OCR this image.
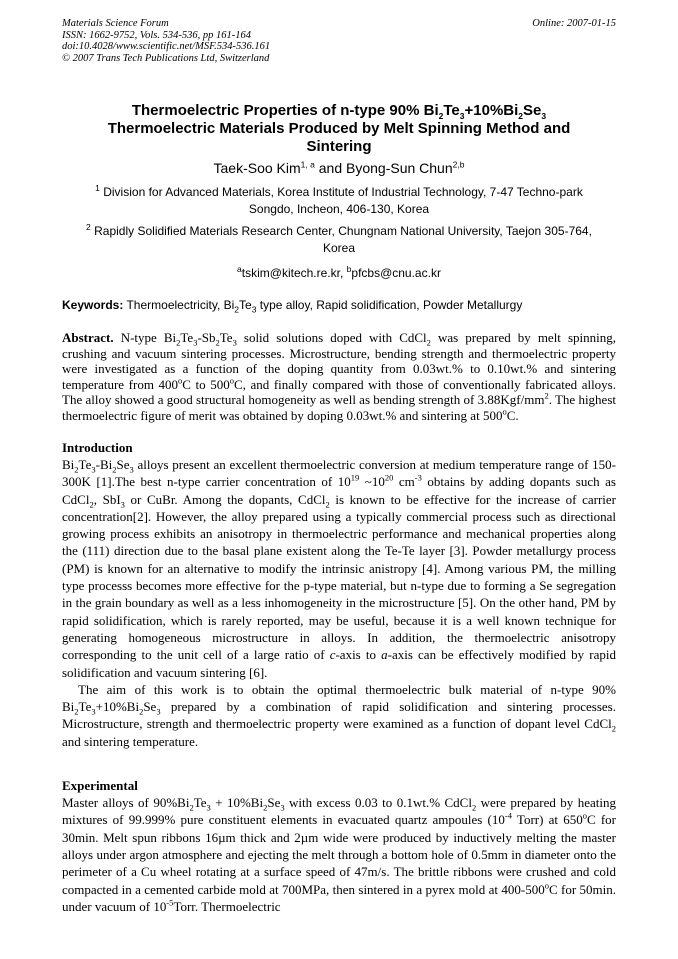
Materials Science Forum
ISSN: 1662-9752, Vols. 534-536, pp 161-164
doi:10.4028/www.scientific.net/MSF.534-536.161
© 2007 Trans Tech Publications Ltd, Switzerland
Online: 2007-01-15
Thermoelectric Properties of n-type 90% $Bi_2Te_3+10\%Bi_2Se_3$
Thermoelectric Materials Produced by Melt Spinning Method and
Sintering
Taek-Soo Kim$^{1, a}$ and Byong-Sun Chun$^{2,b}$
$^1$ Division for Advanced Materials, Korea Institute of Industrial Technology, 7-47 Techno-park
Songdo, Incheon, 406-130, Korea
$^2$ Rapidly Solidified Materials Research Center, Chungnam National University, Taejon 305-764,
Korea
$^a$tskim@kitech.re.kr, $^b$pfcbs@cnu.ac.kr
Keywords: Thermoelectricity, $Bi_2Te_3$ type alloy, Rapid solidification, Powder Metallurgy
Abstract. N-type $Bi_2Te_3-Sb_2Te_3$ solid solutions doped with CdCl$_2$ was prepared by melt spinning, crushing and vacuum sintering processes. Microstructure, bending strength and thermoelectric property were investigated as a function of the doping quantity from 0.03wt.% to 0.10wt.% and sintering temperature from 400$^o$C to 500$^o$C, and finally compared with those of conventionally fabricated alloys. The alloy showed a good structural homogeneity as well as bending strength of $3.88Kgf/mm^2$. The highest thermoelectric figure of merit was obtained by doping 0.03wt.% and sintering at 500$^o$C.
Introduction

$Bi_2Te_3-Bi_2Se_3$ alloys present an excellent thermoelectric conversion at medium temperature range of 150-300K [1].The best n-type carrier concentration of $10^{19}$ $\sim 10^{20}$ $cm^{-3}$ obtains by adding dopants such as CdCl$_2$, SbI$_3$ or CuBr. Among the dopants, CdCl$_2$ is known to be effective for the increase of carrier concentration[2]. However, the alloy prepared using a typically commercial process such as directional growing process exhibits an anisotropy in thermoelectric performance and mechanical properties along the (111) direction due to the basal plane existent along the Te-Te layer [3]. Powder metallurgy process (PM) is known for an alternative to modify the intrinsic anistropy [4]. Among various PM, the milling type processs becomes more effective for the p-type material, but n-type due to forming a Se segregation in the grain boundary as well as a less inhomogeneity in the microstructure [5]. On the other hand, PM by rapid solidification, which is rarely reported, may be useful, because it is a well known technique for generating homogeneous microstructure in alloys. In addition, the thermoelectric anisotropy corresponding to the unit cell of a large ratio of c-axis to a-axis can be effectively modified by rapid solidification and vacuum sintering [6].

The aim of this work is to obtain the optimal thermoelectric bulk material of n-type 90% $Bi_2Te_3+10\%Bi_2Se_3$ prepared by a combination of rapid solidification and sintering processes. Microstructure, strength and thermoelectric property were examined as a function of dopant level CdCl$_2$ and sintering temperature.

Experimental

Master alloys of $90\%Bi_2Te_3 + 10\%Bi_2Se_3$ with excess 0.03 to 0.1wt.% CdCl$_2$ were prepared by heating mixtures of 99.999% pure constituent elements in evacuated quartz ampoules ($10^{-4}$ Torr) at 650$^o$C for 30min. Melt spun ribbons 16µm thick and 2µm wide were produced by inductively melting the master alloys under argon atmosphere and ejecting the melt through a bottom hole of 0.5mm in diameter onto the perimeter of a Cu wheel rotating at a surface speed of 47m/s. The brittle ribbons were crushed and cold compacted in a cemented carbide mold at 700MPa, then sintered in a pyrex mold at 400-500$^o$C for 50min. under vacuum of $10^{-5}Torr$. Thermoelectric
